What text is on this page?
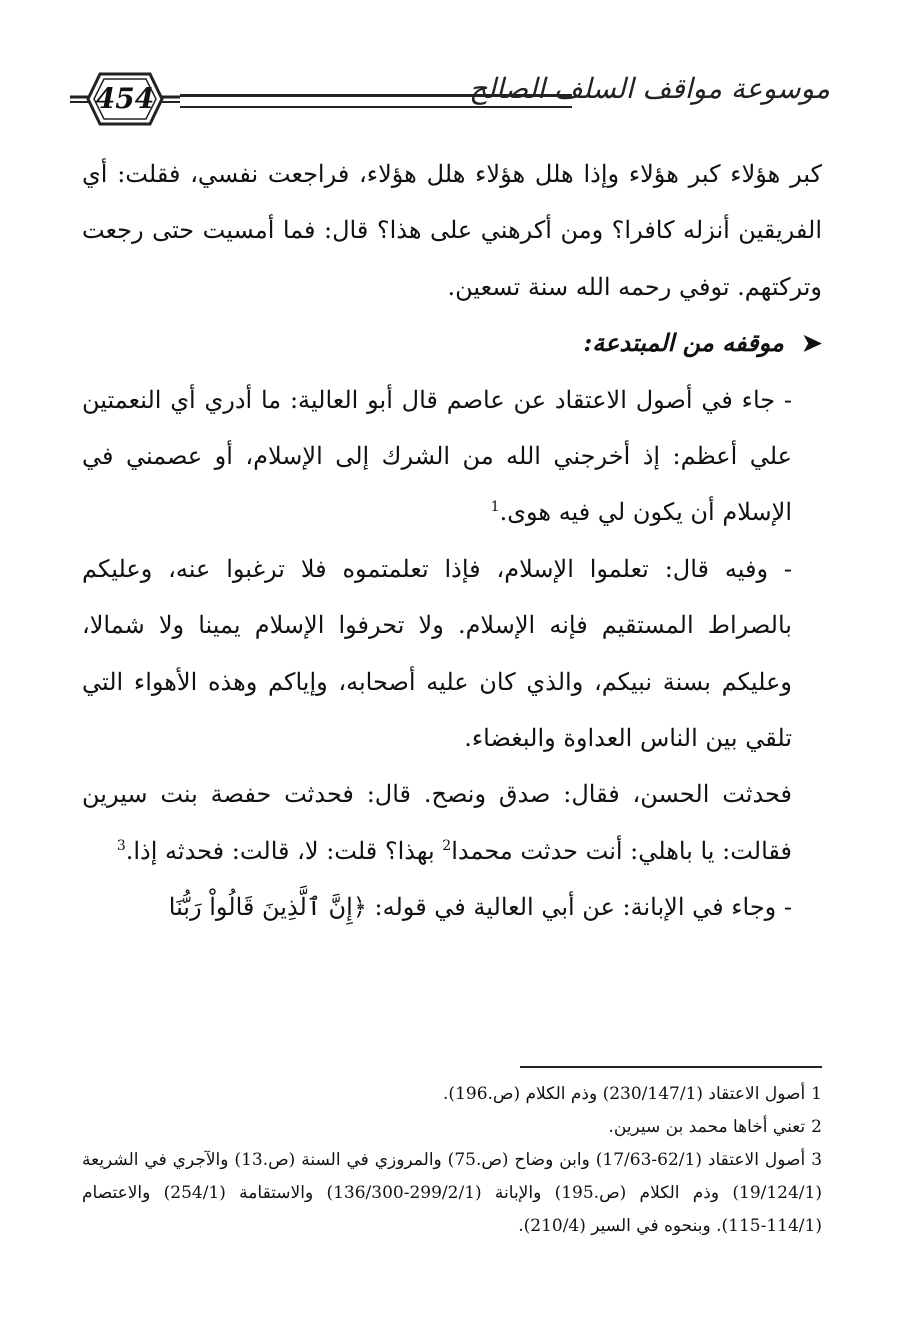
454	موسوعة مواقف السلف الصالح

كبر هؤلاء كبر هؤلاء وإذا هلل هؤلاء هلل هؤلاء، فراجعت نفسي، فقلت: أي الفريقين أنزله كافرا؟ ومن أكرهني على هذا؟ قال: فما أمسيت حتى رجعت وتركتهم. توفي رحمه الله سنة تسعين.

➤موقفه من المبتدعة:

- جاء في أصول الاعتقاد عن عاصم قال أبو العالية: ما أدري أي النعمتين علي أعظم: إذ أخرجني الله من الشرك إلى الإسلام، أو عصمني في الإسلام أن يكون لي فيه هوى.$^1$

- وفيه قال: تعلموا الإسلام، فإذا تعلمتموه فلا ترغبوا عنه، وعليكم بالصراط المستقيم فإنه الإسلام. ولا تحرفوا الإسلام يمينا ولا شمالا، وعليكم بسنة نبيكم، والذي كان عليه أصحابه، وإياكم وهذه الأهواء التي تلقي بين الناس العداوة والبغضاء.

فحدثت الحسن، فقال: صدق ونصح. قال: فحدثت حفصة بنت سيرين فقالت: يا باهلي: أنت حدثت محمدا$^2$ بهذا؟ قلت: لا، قالت: فحدثه إذا.$^3$

- وجاء في الإبانة: عن أبي العالية في قوله: ﴿إِنَّ ٱلَّذِينَ قَالُواْ رَبُّنَا

1أصول الاعتقاد (230/147/1) وذم الكلام (ص.196).

2تعني أخاها محمد بن سيرين.

3أصول الاعتقاد (62/1-17/63) وابن وضاح (ص.75) والمروزي في السنة (ص.13) والآجري في الشريعة (19/124/1) وذم الكلام (ص.195) والإبانة (299/2/1-136/300) والاستقامة (254/1) والاعتصام (114/1-115). وبنحوه في السير (210/4).
